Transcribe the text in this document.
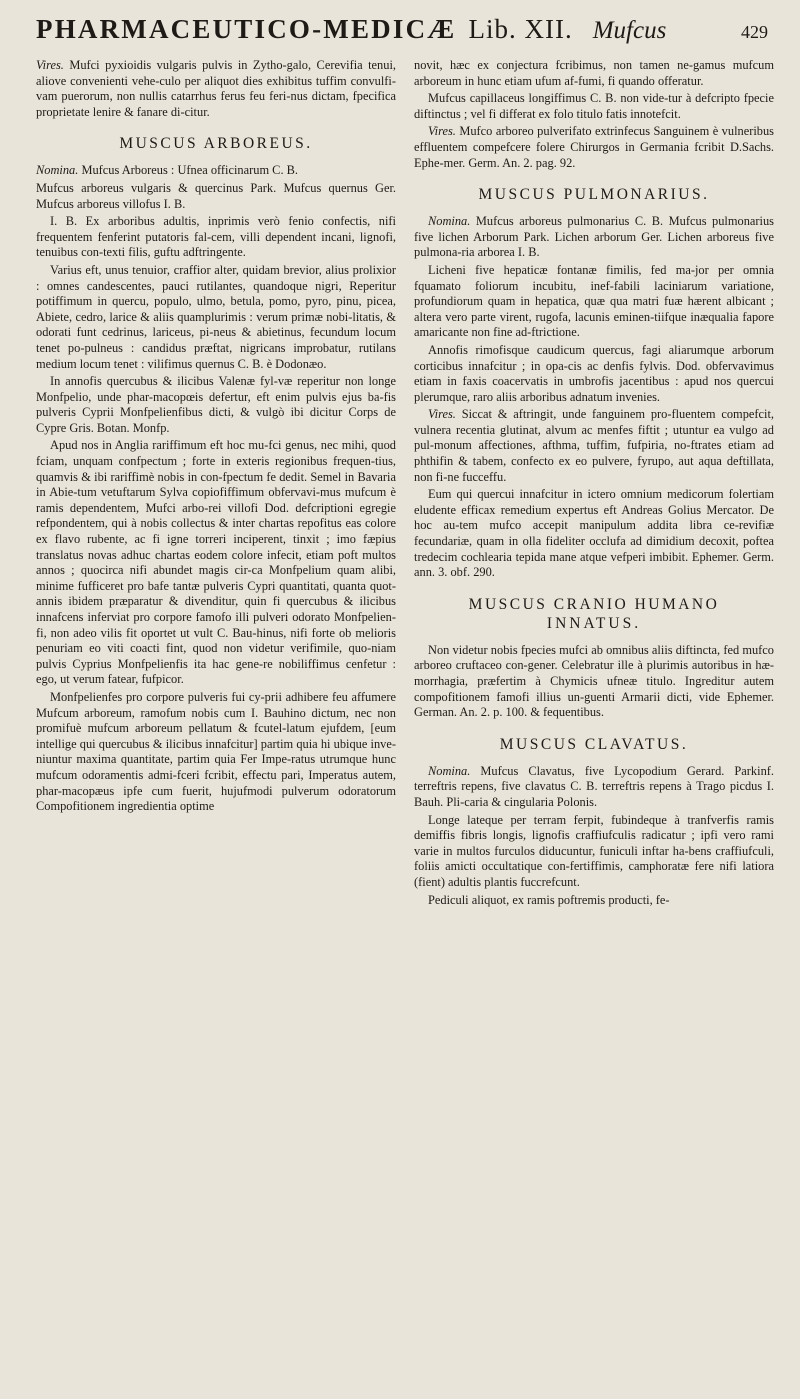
PHARMACEUTICO-MEDICÆ Lib. XII. Mufcus	429

Vires. Mufci pyxioidis vulgaris pulvis in Zytho-galo, Cerevifia tenui, aliove convenienti vehe-culo per aliquot dies exhibitus tuffim convulfi-vam puerorum, non nullis catarrhus ferus feu feri-nus dictam, fpecifica proprietate lenire & fanare di-citur.

MUSCUS ARBOREUS.

Nomina. Mufcus Arboreus : Ufnea officinarum C. B.

Mufcus arboreus vulgaris & quercinus Park. Mufcus quernus Ger. Mufcus arboreus villofus I. B.

I. B. Ex arboribus adultis, inprimis verò fenio confectis, nifi frequentem fenferint putatoris fal-cem, villi dependent incani, lignofi, tenuibus con-texti filis, guftu adftringente.

Varius eft, unus tenuior, craffior alter, quidam brevior, alius prolixior : omnes candescentes, pauci rutilantes, quandoque nigri, Reperitur potiffimum in quercu, populo, ulmo, betula, pomo, pyro, pinu, picea, Abiete, cedro, larice & aliis quamplurimis : verum primæ nobi-litatis, & odorati funt cedrinus, lariceus, pi-neus & abietinus, fecundum locum tenet po-pulneus : candidus præftat, nigricans improbatur, rutilans medium locum tenet : vilifimus quernus C. B. è Dodonæo.

In annofis quercubus & ilicibus Valenæ fyl-væ reperitur non longe Monfpelio, unde phar-macopœis defertur, eft enim pulvis ejus ba-fis pulveris Cyprii Monfpelienfibus dicti, & vulgò ibi dicitur Corps de Cypre Gris. Botan. Monfp.

Apud nos in Anglia rariffimum eft hoc mu-fci genus, nec mihi, quod fciam, unquam confpectum ; forte in exteris regionibus frequen-tius, quamvis & ibi rariffimè nobis in con-fpectum fe dedit. Semel in Bavaria in Abie-tum vetuftarum Sylva copiofiffimum obfervavi-mus mufcum è ramis dependentem, Mufci arbo-rei villofi Dod. defcriptioni egregie refpondentem, qui à nobis collectus & inter chartas repofitus eas colore ex flavo rubente, ac fi igne torreri inciperent, tinxit ; imo fæpius translatus novas adhuc chartas eodem colore infecit, etiam poft multos annos ; quocirca nifi abundet magis cir-ca Monfpelium quam alibi, minime fufficeret pro bafe tantæ pulveris Cypri quantitati, quanta quot-annis ibidem præparatur & divenditur, quin fi quercubus & ilicibus innafcens inferviat pro corpore famofo illi pulveri odorato Monfpelien-fi, non adeo vilis fit oportet ut vult C. Bau-hinus, nifi forte ob melioris penuriam eo viti coacti fint, quod non videtur verifimile, quo-niam pulvis Cyprius Monfpelienfis ita hac gene-re nobiliffimus cenfetur : ego, ut verum fatear, fufpicor.

Monfpelienfes pro corpore pulveris fui cy-prii adhibere feu affumere Mufcum arboreum, ramofum nobis cum I. Bauhino dictum, nec non promifuè mufcum arboreum pellatum & fcutel-latum ejufdem, [eum intellige qui quercubus & ilicibus innafcitur] partim quia hi ubique inve-niuntur maxima quantitate, partim quia Fer Impe-ratus utrumque hunc mufcum odoramentis admi-fceri fcribit, effectu pari, Imperatus autem, phar-macopæus ipfe cum fuerit, hujufmodi pulverum odoratorum Compofitionem ingredientia optime

novit, hæc ex conjectura fcribimus, non tamen ne-gamus mufcum arboreum in hunc etiam ufum af-fumi, fi quando offeratur.

Mufcus capillaceus longiffimus C. B. non vide-tur à defcripto fpecie diftinctus ; vel fi differat ex folo titulo fatis innotefcit.

Vires. Mufco arboreo pulverifato extrinfecus Sanguinem è vulneribus effluentem compefcere folere Chirurgos in Germania fcribit D.Sachs. Ephe-mer. Germ. An. 2. pag. 92.

MUSCUS PULMONARIUS.

Nomina. Mufcus arboreus pulmonarius C. B. Mufcus pulmonarius five lichen Arborum Park. Lichen arborum Ger. Lichen arboreus five pulmona-ria arborea I. B.

Licheni five hepaticæ fontanæ fimilis, fed ma-jor per omnia fquamato foliorum incubitu, inef-fabili laciniarum variatione, profundiorum quam in hepatica, quæ qua matri fuæ hærent albicant ; altera vero parte virent, rugofa, lacunis eminen-tiifque inæqualia fapore amaricante non fine ad-ftrictione.

Annofis rimofisque caudicum quercus, fagi aliarumque arborum corticibus innafcitur ; in opa-cis ac denfis fylvis. Dod. obfervavimus etiam in faxis coacervatis in umbrofis jacentibus : apud nos quercui plerumque, raro aliis arboribus adnatum invenies.

Vires. Siccat & aftringit, unde fanguinem pro-fluentem compefcit, vulnera recentia glutinat, alvum ac menfes fiftit ; utuntur ea vulgo ad pul-monum affectiones, afthma, tuffim, fufpiria, no-ftrates etiam ad phthifin & tabem, confecto ex eo pulvere, fyrupo, aut aqua deftillata, non fi-ne fucceffu.

Eum qui quercui innafcitur in ictero omnium medicorum folertiam eludente efficax remedium expertus eft Andreas Golius Mercator. De hoc au-tem mufco accepit manipulum addita libra ce-revifiæ fecundariæ, quam in olla fideliter occlufa ad dimidium decoxit, poftea tredecim cochlearia tepida mane atque vefperi imbibit. Ephemer. Germ. ann. 3. obf. 290.

MUSCUS CRANIO HUMANO
INNATUS.

Non videtur nobis fpecies mufci ab omnibus aliis diftincta, fed mufco arboreo cruftaceo con-gener. Celebratur ille à plurimis autoribus in hæ-morrhagia, præfertim à Chymicis ufneæ titulo. Ingreditur autem compofitionem famofi illius un-guenti Armarii dicti, vide Ephemer. German. An. 2. p. 100. & fequentibus.

MUSCUS CLAVATUS.

Nomina. Mufcus Clavatus, five Lycopodium Gerard. Parkinf. terreftris repens, five clavatus C. B. terreftris repens à Trago picdus I. Bauh. Pli-caria & cingularia Polonis.

Longe lateque per terram ferpit, fubindeque à tranfverfis ramis demiffis fibris longis, lignofis craffiufculis radicatur ; ipfi vero rami varie in multos furculos diducuntur, funiculi inftar ha-bens craffiufculi, foliis amicti occultatique con-fertiffimis, camphoratæ fere nifi latiora (fient) adultis plantis fuccrefcunt.

Pediculi aliquot, ex ramis poftremis producti, fe-
